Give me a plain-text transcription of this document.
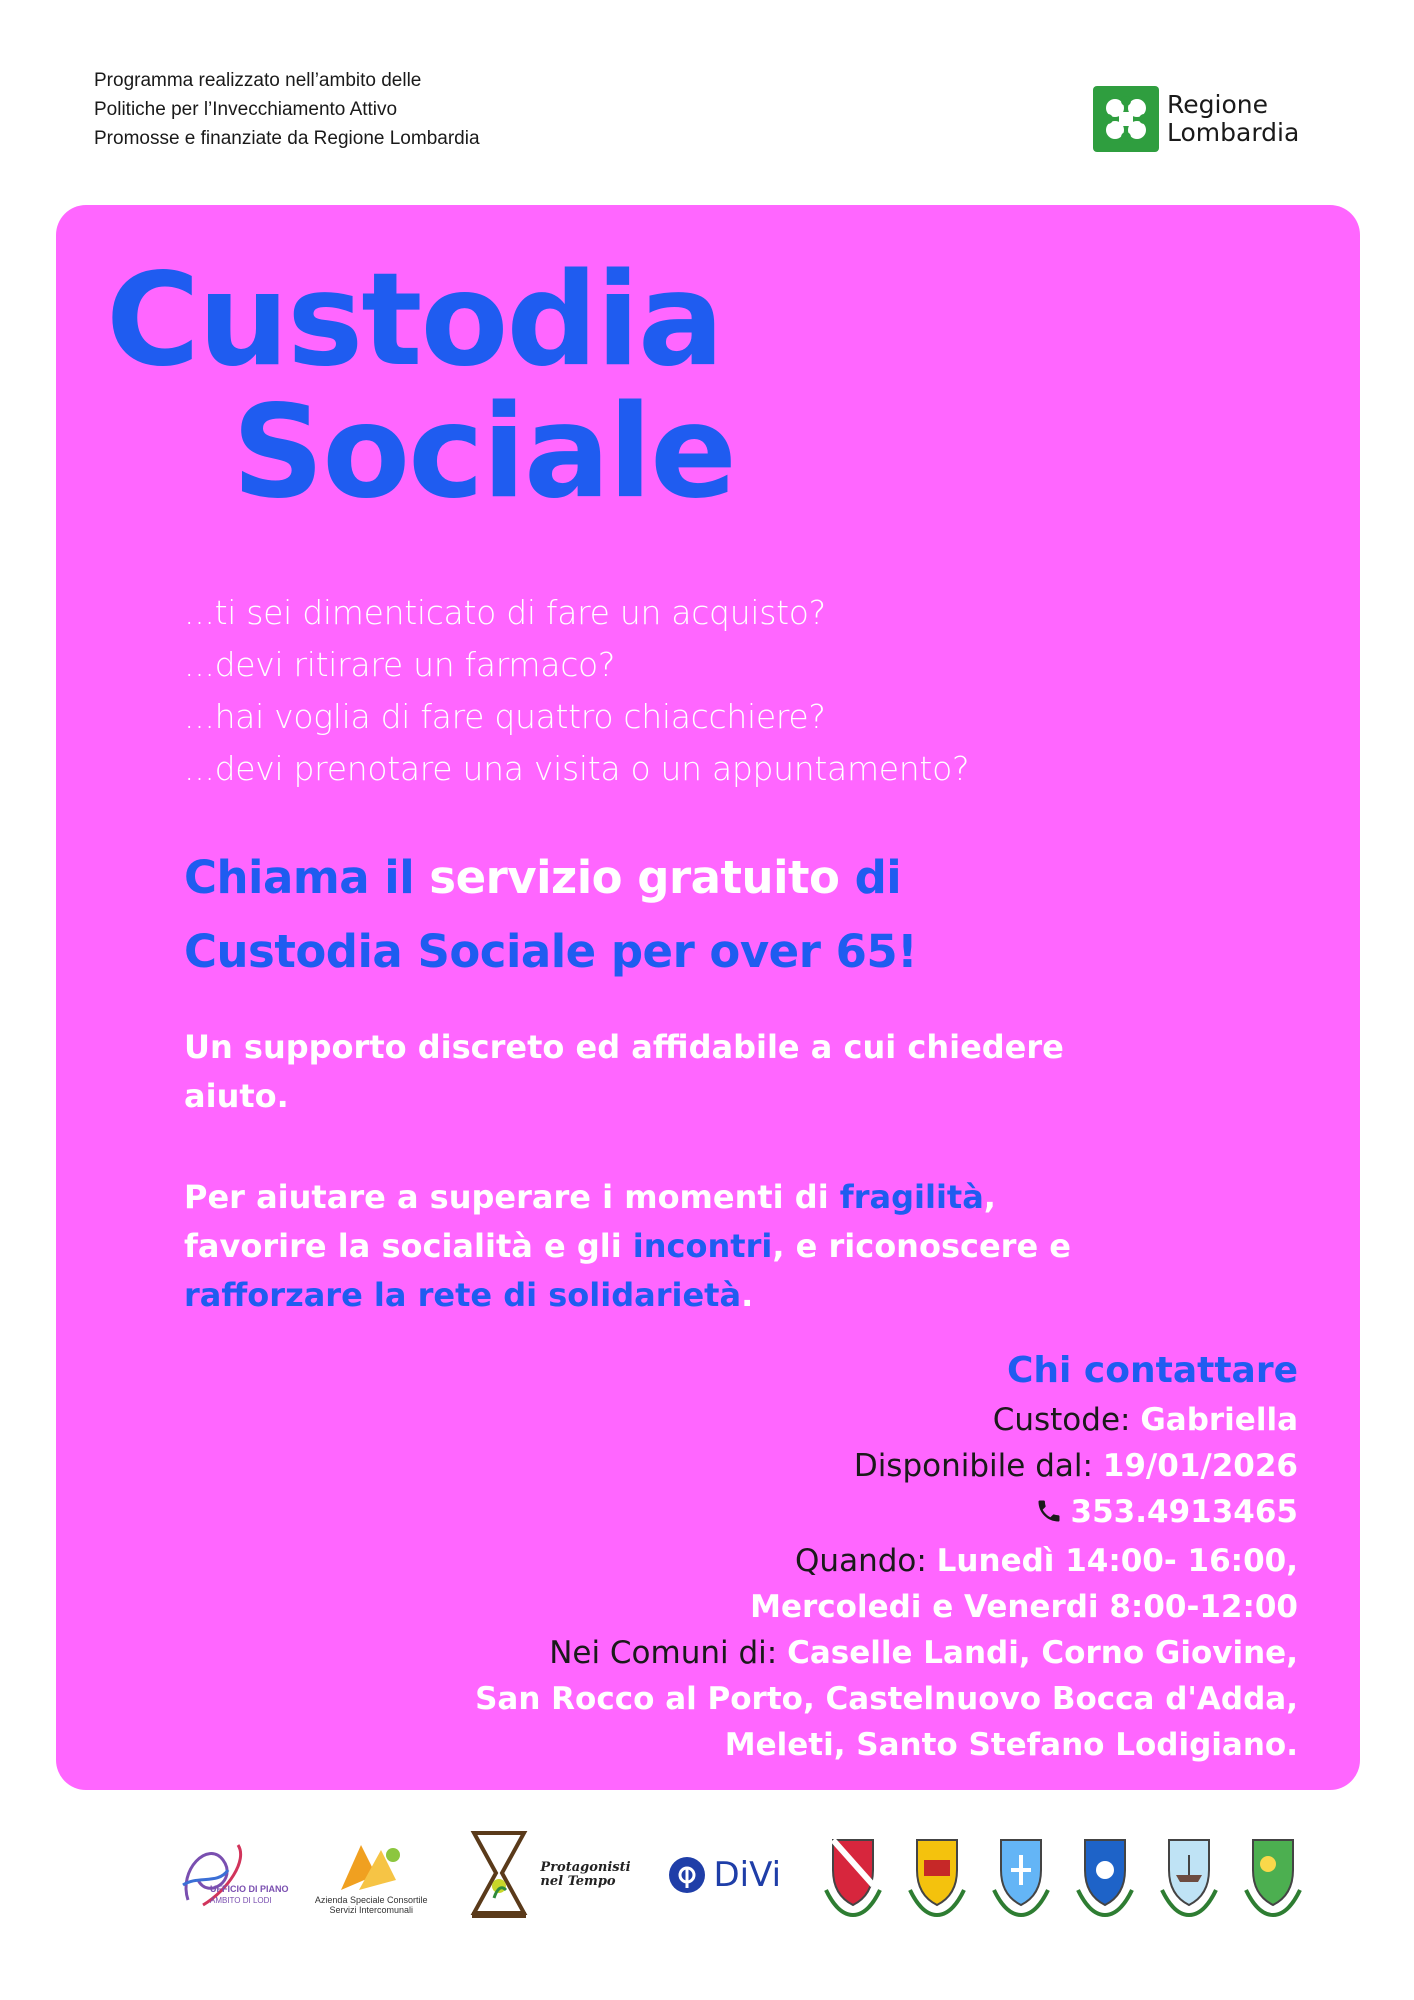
Programma realizzato nell’ambito delle
Politiche per l’Invecchiamento Attivo
Promosse e finanziate da Regione Lombardia
Regione
Lombardia
Custodia
Sociale
...ti sei dimenticato di fare un acquisto?
...devi ritirare un farmaco?
...hai voglia di fare quattro chiacchiere?
...devi prenotare una visita o un appuntamento?
Chiama il servizio gratuito di
Custodia Sociale per over 65!
Un supporto discreto ed affidabile a cui chiedere aiuto.
Per aiutare a superare i momenti di fragilità,
favorire la socialità e gli incontri, e riconoscere e
rafforzare la rete di solidarietà.
Chi contattare
Custode: Gabriella
Disponibile dal: 19/01/2026
353.4913465
Quando: Lunedì 14:00- 16:00,
Mercoledi e Venerdi 8:00-12:00
Nei Comuni di: Caselle Landi, Corno Giovine,
San Rocco al Porto, Castelnuovo Bocca d'Adda,
Meleti, Santo Stefano Lodigiano.
UFFICIO DI PIANO
AMBITO DI LODI	Azienda Speciale Consortile
Servizi Intercomunali
Protagonisti
nel Tempo	DiVi
